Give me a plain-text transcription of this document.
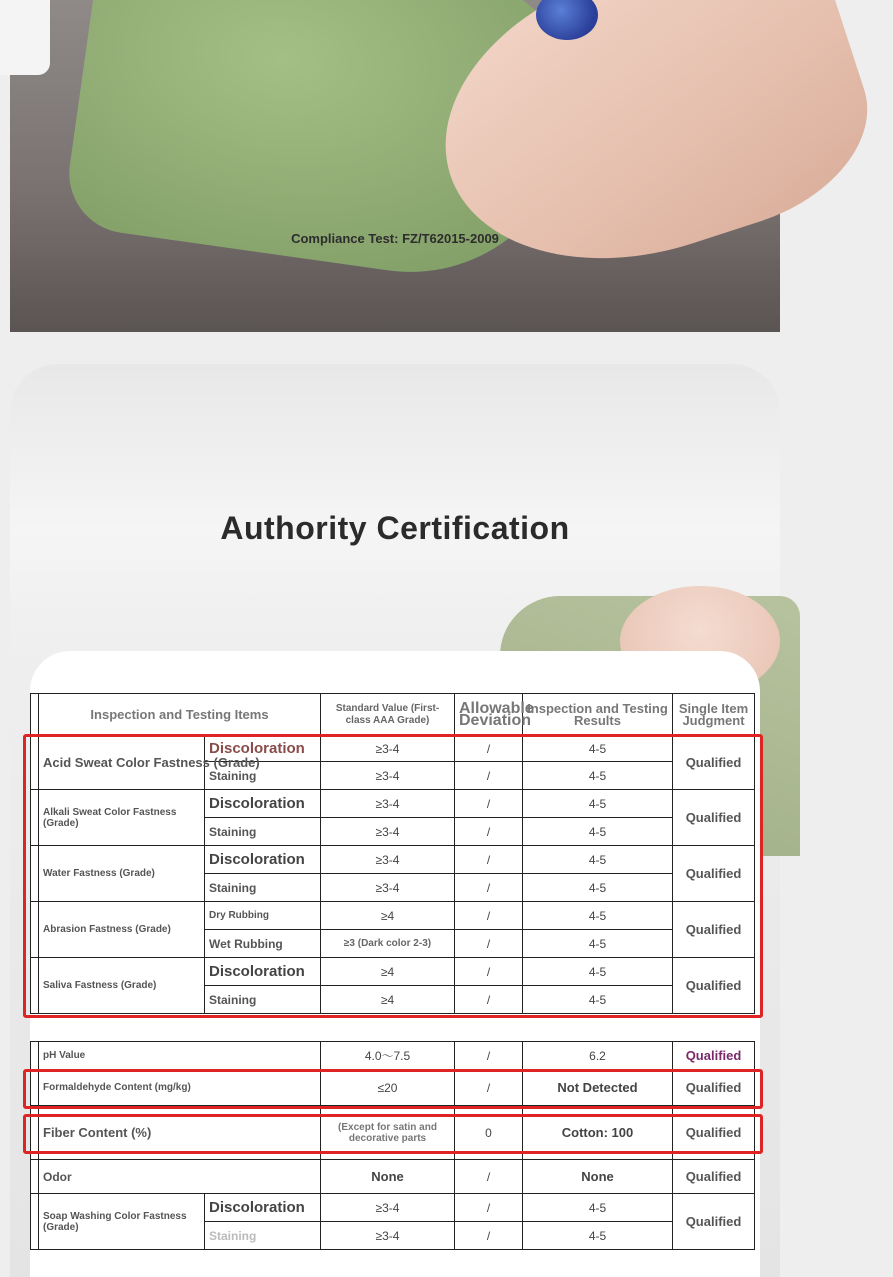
Compliance Test: FZ/T62015-2009
Authority Certification
	Inspection and Testing Items		Standard Value (First-class AAA Grade)	Allowable Deviation	Inspection and Testing Results	Single Item Judgment
	Acid Sweat Color Fastness (Grade)	Discoloration	≥3-4	/	4-5	Qualified
		Staining	≥3-4	/	4-5	
	Alkali Sweat Color Fastness (Grade)	Discoloration	≥3-4	/	4-5	Qualified
		Staining	≥3-4	/	4-5	
	Water Fastness (Grade)	Discoloration	≥3-4	/	4-5	Qualified
		Staining	≥3-4	/	4-5	
	Abrasion Fastness (Grade)	Dry Rubbing	≥4	/	4-5	Qualified
		Wet Rubbing	≥3 (Dark color 2-3)	/	4-5	
	Saliva Fastness (Grade)	Discoloration	≥4	/	4-5	Qualified
		Staining	≥4	/	4-5	
	pH Value		4.0～7.5	/	6.2	Qualified
	Formaldehyde Content (mg/kg)		≤20	/	Not Detected	Qualified
	Fiber Content (%)		(Except for satin and decorative parts	0	Cotton: 100	Qualified
	Odor		None	/	None	Qualified
	Soap Washing Color Fastness (Grade)	Discoloration	≥3-4	/	4-5	Qualified
		Staining	≥3-4	/	4-5	
